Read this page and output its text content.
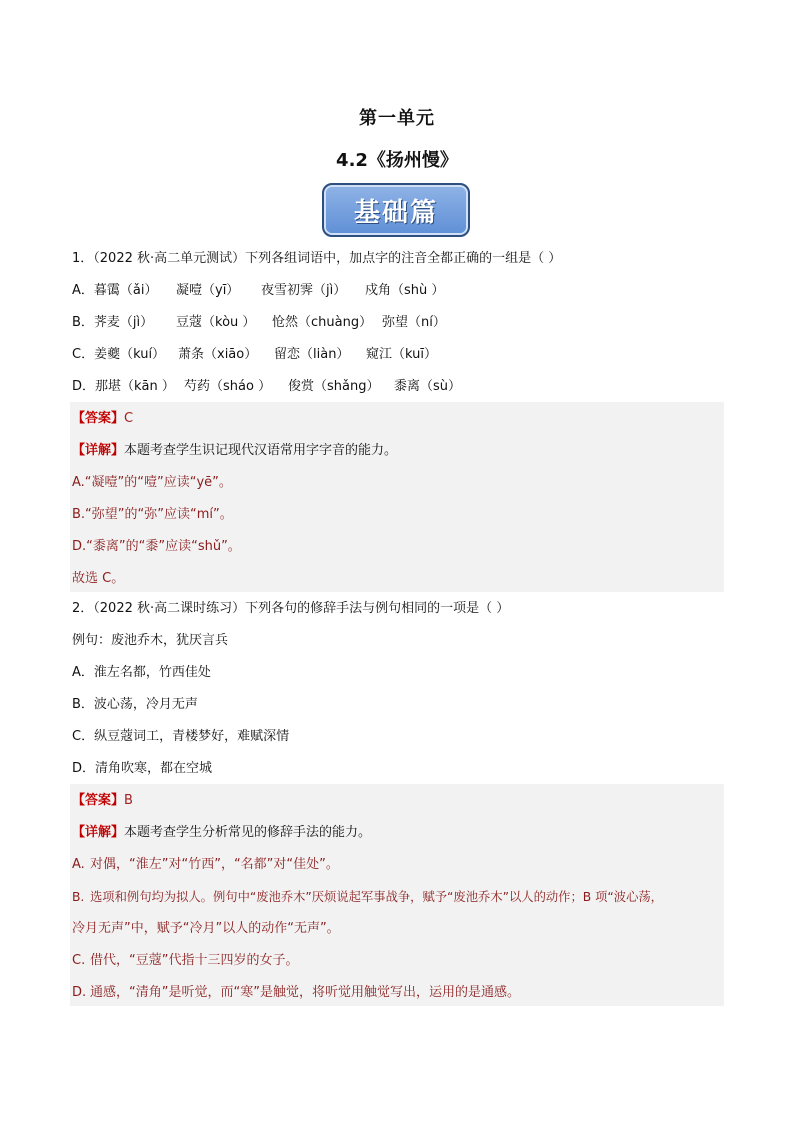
第一单元
4.2《扬州慢》
基础篇
1．（2022 秋·高二单元测试）下列各组词语中，加点字的注音全都正确的一组是（ ）
A．暮霭（ǎi） 凝噎（yī） 夜雪初霁（jì） 戍角（shù ）
B．荠麦（jì） 豆蔻（kòu ） 怆然（chuàng） 弥望（ní）
C．姜夔（kuí） 萧条（xiāo） 留恋（liàn） 窥江（kuī）
D．那堪（kān ） 芍药（sháo ） 俊赏（shǎng） 黍离（sù）
【答案】C
【详解】本题考查学生识记现代汉语常用字字音的能力。
A.“凝噎”的“噎”应读“yē”。
B.“弥望”的“弥”应读“mí”。
D.“黍离”的“黍”应读“shǔ”。
故选 C。
2．（2022 秋·高二课时练习）下列各句的修辞手法与例句相同的一项是（ ）
例句：废池乔木，犹厌言兵
A．淮左名都，竹西佳处
B．波心荡，冷月无声
C．纵豆蔻词工，青楼梦好，难赋深情
D．清角吹寒，都在空城
【答案】B
【详解】本题考查学生分析常见的修辞手法的能力。
A. 对偶，“淮左”对“竹西”，“名都”对“佳处”。
B. 选项和例句均为拟人。例句中“废池乔木”厌烦说起军事战争，赋予“废池乔木”以人的动作；B 项“波心荡，
冷月无声”中，赋予“冷月”以人的动作“无声”。
C. 借代，“豆蔻”代指十三四岁的女子。
D. 通感，“清角”是听觉，而“寒”是触觉，将听觉用触觉写出，运用的是通感。
